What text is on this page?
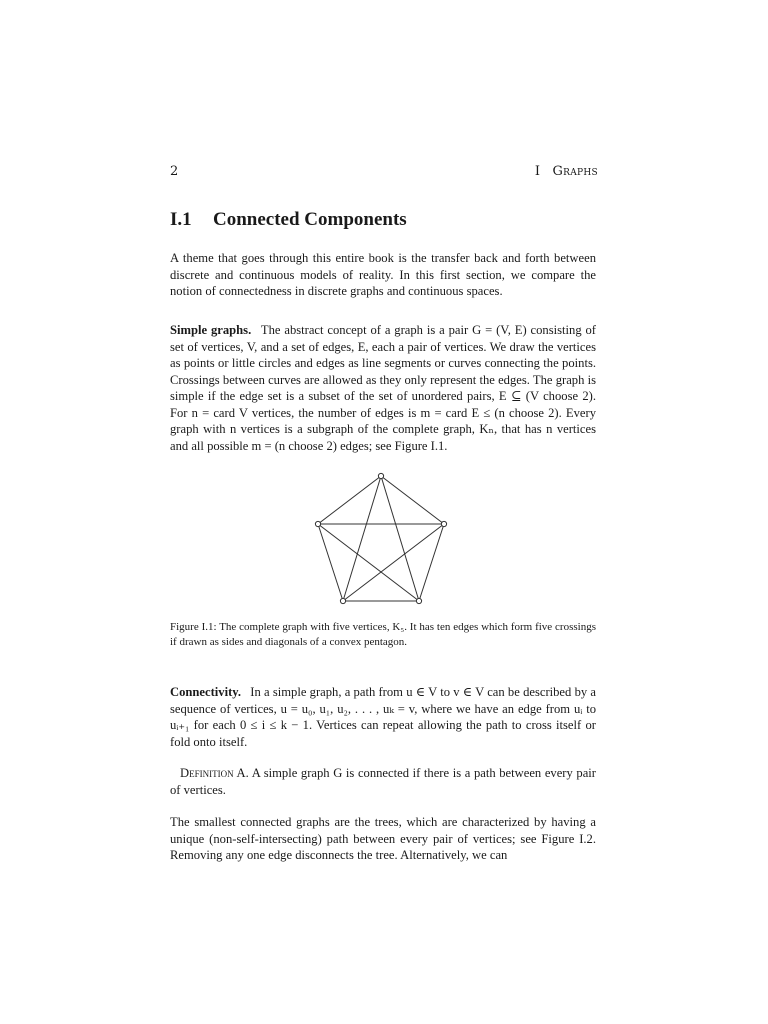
2	I Graphs
I.1 Connected Components

A theme that goes through this entire book is the transfer back and forth between discrete and continuous models of reality. In this first section, we compare the notion of connectedness in discrete graphs and continuous spaces.

Simple graphs. The abstract concept of a graph is a pair G = (V, E) consisting of set of vertices, V, and a set of edges, E, each a pair of vertices. We draw the vertices as points or little circles and edges as line segments or curves connecting the points. Crossings between curves are allowed as they only represent the edges. The graph is simple if the edge set is a subset of the set of unordered pairs, E ⊆ (V choose 2). For n = card V vertices, the number of edges is m = card E ≤ (n choose 2). Every graph with n vertices is a subgraph of the complete graph, Kₙ, that has n vertices and all possible m = (n choose 2) edges; see Figure I.1.

Figure I.1: The complete graph with five vertices, K₅. It has ten edges which form five crossings if drawn as sides and diagonals of a convex pentagon.

Connectivity. In a simple graph, a path from u ∈ V to v ∈ V can be described by a sequence of vertices, u = u₀, u₁, u₂, . . . , uₖ = v, where we have an edge from uᵢ to uᵢ₊₁ for each 0 ≤ i ≤ k − 1. Vertices can repeat allowing the path to cross itself or fold onto itself.

Definition A. A simple graph G is connected if there is a path between every pair of vertices.

The smallest connected graphs are the trees, which are characterized by having a unique (non-self-intersecting) path between every pair of vertices; see Figure I.2. Removing any one edge disconnects the tree. Alternatively, we can
